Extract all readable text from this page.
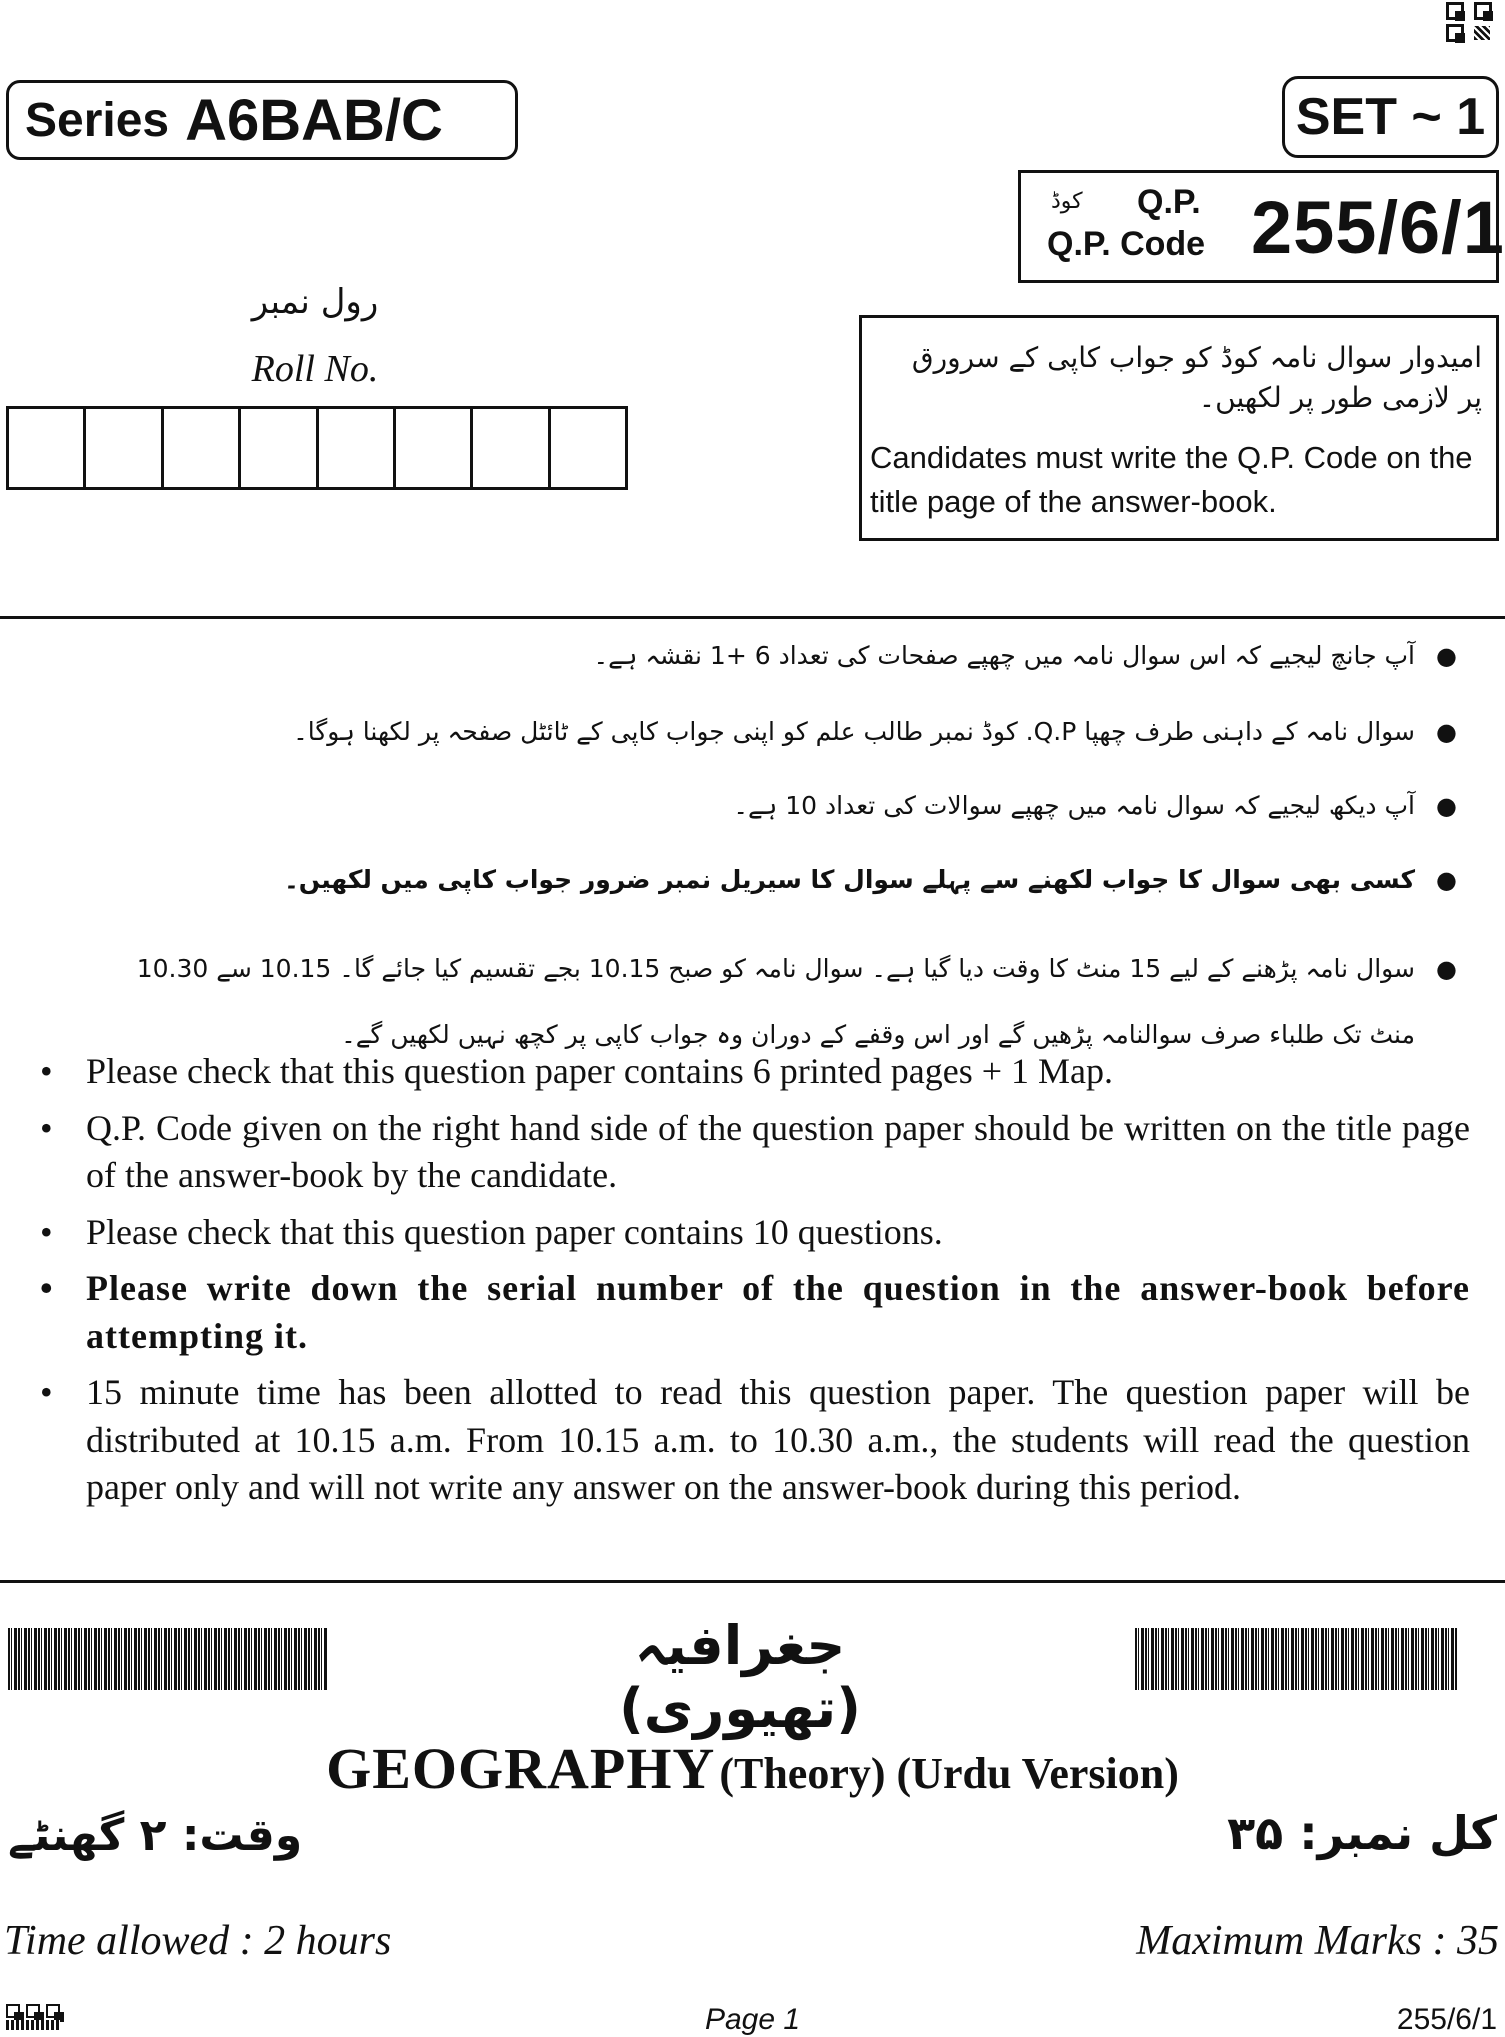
Series A6BAB/C	SET ~ 1
کوڈ Q.P.
Q.P. Code 255/6/1
رول نمبر
Roll No.	امیدوار سوال نامہ کوڈ کو جواب کاپی کے سرورق پر لازمی طور پر لکھیں۔
Candidates must write the Q.P. Code on the title page of the answer-book.
●
آپ جانچ لیجیے کہ اس سوال نامہ میں چھپے صفحات کی تعداد 6 +1 نقشہ ہے۔
●
سوال نامہ کے داہنی طرف چھپا Q.P. کوڈ نمبر طالب علم کو اپنی جواب کاپی کے ٹائٹل صفحہ پر لکھنا ہوگا۔
●
آپ دیکھ لیجیے کہ سوال نامہ میں چھپے سوالات کی تعداد 10 ہے۔
●
کسی بھی سوال کا جواب لکھنے سے پہلے سوال کا سیریل نمبر ضرور جواب کاپی میں لکھیں۔
●
سوال نامہ پڑھنے کے لیے 15 منٹ کا وقت دیا گیا ہے۔ سوال نامہ کو صبح 10.15 بجے تقسیم کیا جائے گا۔ 10.15 سے 10.30 منٹ تک طلباء صرف سوالنامہ پڑھیں گے اور اس وقفے کے دوران وہ جواب کاپی پر کچھ نہیں لکھیں گے۔
• Please check that this question paper contains 6 printed pages + 1 Map.
• Q.P. Code given on the right hand side of the question paper should be written on the title page of the answer-book by the candidate.
• Please check that this question paper contains 10 questions.
• Please write down the serial number of the question in the answer-book before attempting it.
• 15 minute time has been allotted to read this question paper. The question paper will be distributed at 10.15 a.m. From 10.15 a.m. to 10.30 a.m., the students will read the question paper only and will not write any answer on the answer-book during this period.
جغرافیہ (تھیوری)
GEOGRAPHY (Theory) (Urdu Version)
وقت: ۲ گھنٹے	کل نمبر: ۳۵
Time allowed : 2 hours	Maximum Marks : 35
Page 1	255/6/1
